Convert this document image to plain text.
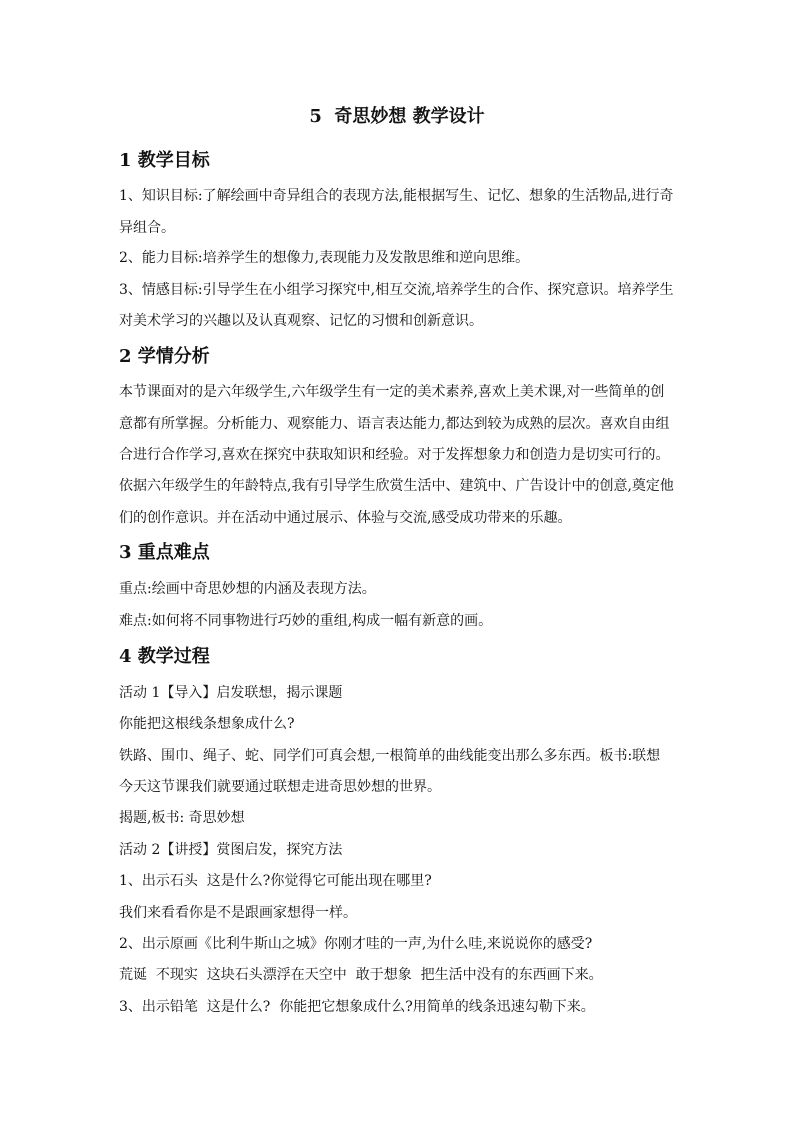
5  奇思妙想 教学设计
1 教学目标
1、知识目标:了解绘画中奇异组合的表现方法,能根据写生、记忆、想象的生活物品,进行奇
异组合。
2、能力目标:培养学生的想像力,表现能力及发散思维和逆向思维。
3、情感目标:引导学生在小组学习探究中,相互交流,培养学生的合作、探究意识。培养学生
对美术学习的兴趣以及认真观察、记忆的习惯和创新意识。
2 学情分析
本节课面对的是六年级学生,六年级学生有一定的美术素养,喜欢上美术课,对一些简单的创
意都有所掌握。分析能力、观察能力、语言表达能力,都达到较为成熟的层次。喜欢自由组
合进行合作学习,喜欢在探究中获取知识和经验。对于发挥想象力和创造力是切实可行的。
依据六年级学生的年龄特点,我有引导学生欣赏生活中、建筑中、广告设计中的创意,奠定他
们的创作意识。并在活动中通过展示、体验与交流,感受成功带来的乐趣。
3 重点难点
重点:绘画中奇思妙想的内涵及表现方法。
难点:如何将不同事物进行巧妙的重组,构成一幅有新意的画。
4 教学过程
活动 1【导入】启发联想，揭示课题
你能把这根线条想象成什么?
铁路、围巾、绳子、蛇、同学们可真会想,一根简单的曲线能变出那么多东西。板书:联想
今天这节课我们就要通过联想走进奇思妙想的世界。
揭题,板书: 奇思妙想
活动 2【讲授】赏图启发，探究方法
1、出示石头  这是什么?你觉得它可能出现在哪里?
我们来看看你是不是跟画家想得一样。
2、出示原画《比利牛斯山之城》你刚才哇的一声,为什么哇,来说说你的感受?
荒诞  不现实  这块石头漂浮在天空中  敢于想象  把生活中没有的东西画下来。
3、出示铅笔  这是什么?  你能把它想象成什么?用简单的线条迅速勾勒下来。
